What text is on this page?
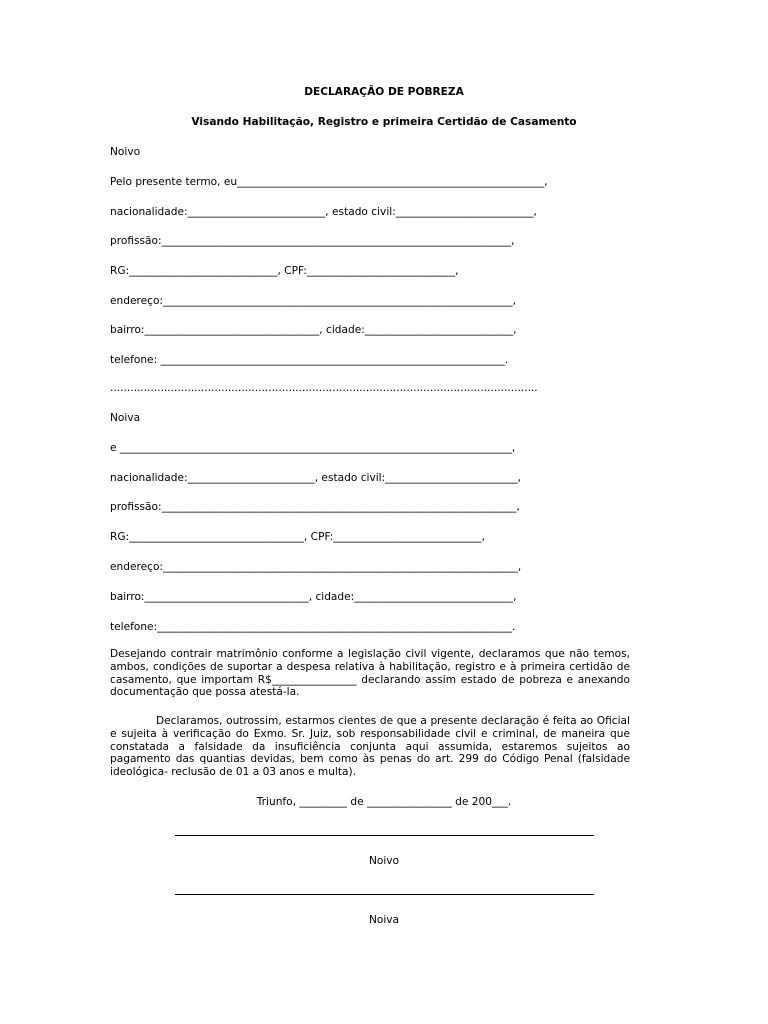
DECLARAÇÃO DE POBREZA
Visando Habilitação, Registro e primeira Certidão de Casamento
Noivo
Pelo presente termo, eu__________________________________________________________,
nacionalidade:__________________________, estado civil:__________________________,
profissão:__________________________________________________________________,
RG:____________________________, CPF:____________________________,
endereço:__________________________________________________________________,
bairro:_________________________________, cidade:____________________________,
telefone: _________________________________________________________________.
...............................................................................................................................
Noiva
e __________________________________________________________________________,
nacionalidade:________________________, estado civil:_________________________,
profissão:___________________________________________________________________,
RG:_________________________________, CPF:____________________________,
endereço:___________________________________________________________________,
bairro:_______________________________, cidade:______________________________,
telefone:___________________________________________________________________.
Desejando contrair matrimônio conforme a legislação civil vigente, declaramos que não temos, ambos, condições de suportar a despesa relativa à habilitação, registro e à primeira certidão de casamento, que importam R$________________ declarando assim estado de pobreza e anexando documentação que possa atestá-la.
Declaramos, outrossim, estarmos cientes de que a presente declaração é feita ao Oficial e sujeita à verificação do Exmo. Sr. Juiz, sob responsabilidade civil e criminal, de maneira que constatada a falsidade da insuficiência conjunta aqui assumida, estaremos sujeitos ao pagamento das quantias devidas, bem como às penas do art. 299 do Código Penal (falsidade ideológica- reclusão de 01 a 03 anos e multa).
Triunfo, _________ de ________________ de 200___.
Noivo
Noiva
